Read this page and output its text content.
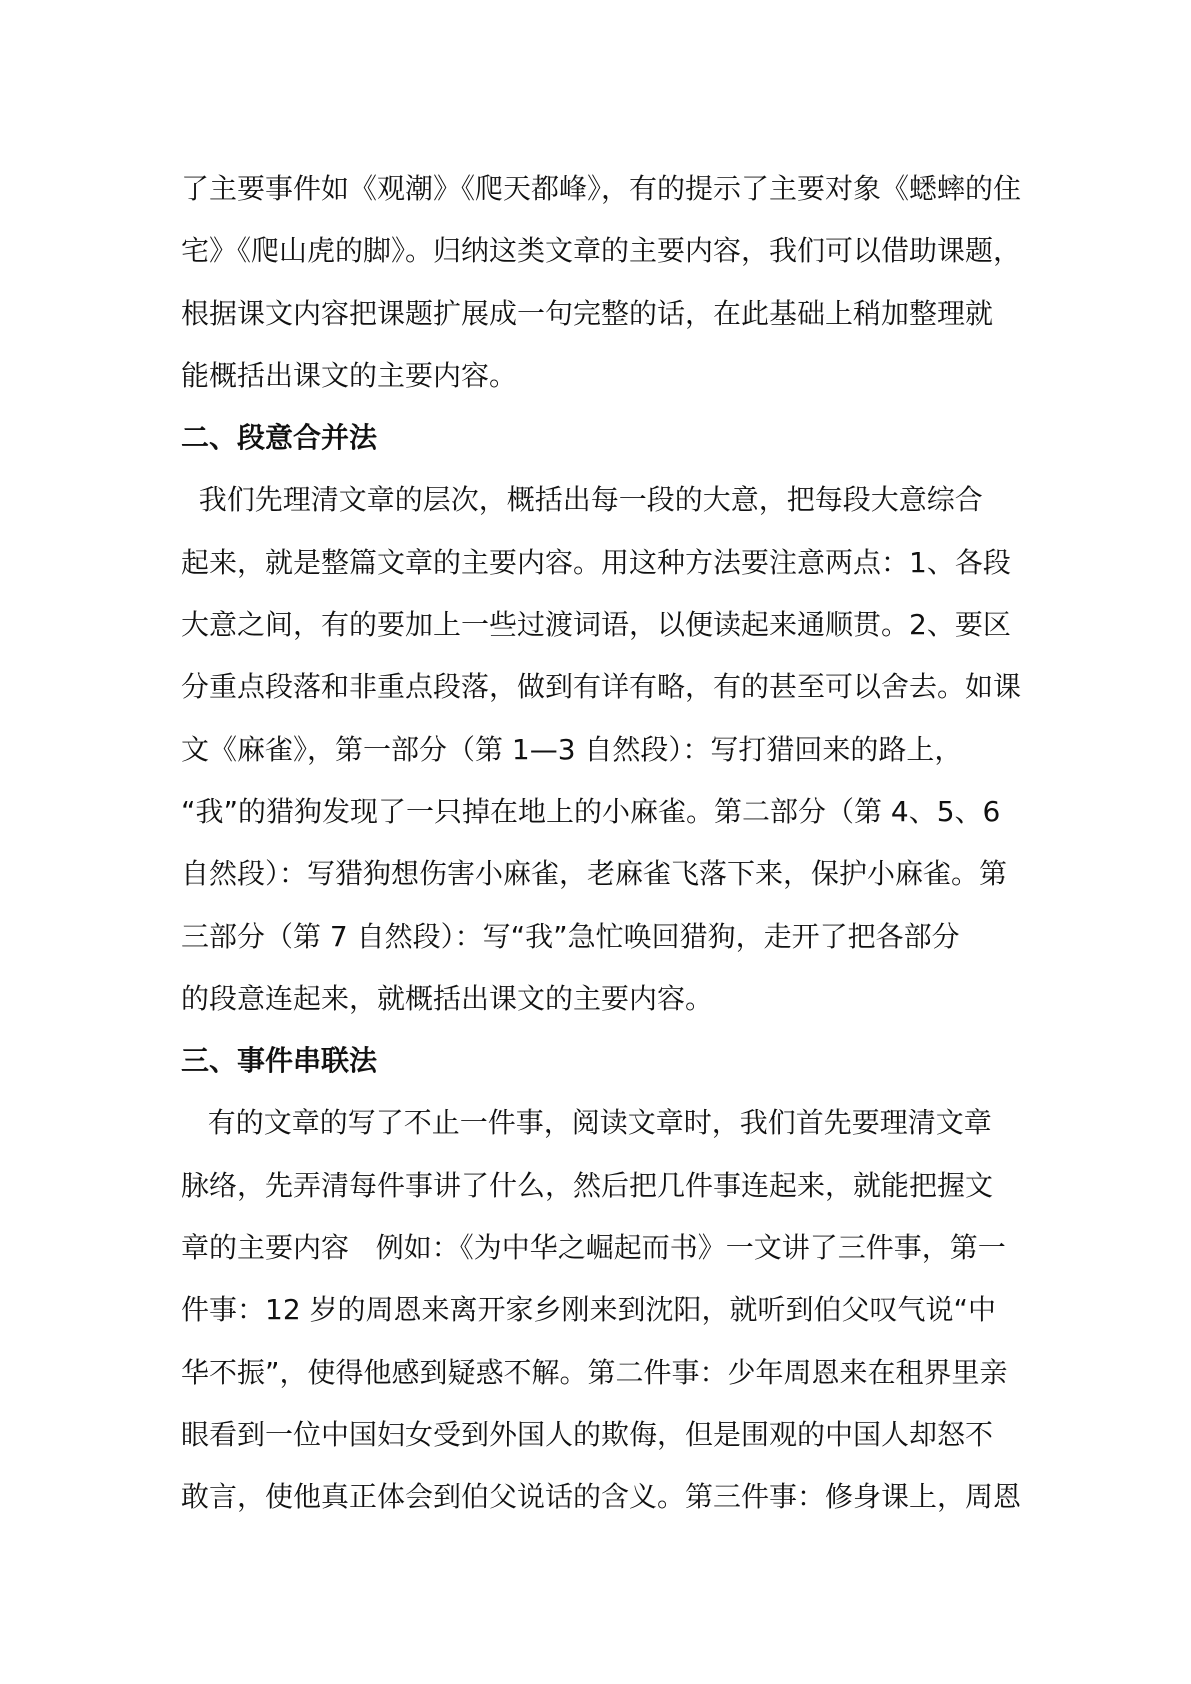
了主要事件如《观潮》《爬天都峰》，有的提示了主要对象《蟋蟀的住
宅》《爬山虎的脚》。归纳这类文章的主要内容，我们可以借助课题，
根据课文内容把课题扩展成一句完整的话，在此基础上稍加整理就
能概括出课文的主要内容。
二、段意合并法
我们先理清文章的层次，概括出每一段的大意，把每段大意综合
起来，就是整篇文章的主要内容。用这种方法要注意两点：1、各段
大意之间，有的要加上一些过渡词语，以便读起来通顺贯。2、要区
分重点段落和非重点段落，做到有详有略，有的甚至可以舍去。如课
文《麻雀》，第一部分（第 1—3 自然段）：写打猎回来的路上，
“我”的猎狗发现了一只掉在地上的小麻雀。第二部分（第 4、5、6
自然段）：写猎狗想伤害小麻雀，老麻雀飞落下来，保护小麻雀。第
三部分（第 7 自然段）：写“我”急忙唤回猎狗，走开了把各部分
的段意连起来，就概括出课文的主要内容。
三、事件串联法
有的文章的写了不止一件事，阅读文章时，我们首先要理清文章
脉络，先弄清每件事讲了什么，然后把几件事连起来，就能把握文
章的主要内容   例如：《为中华之崛起而书》一文讲了三件事，第一
件事：12 岁的周恩来离开家乡刚来到沈阳，就听到伯父叹气说“中
华不振”，使得他感到疑惑不解。第二件事：少年周恩来在租界里亲
眼看到一位中国妇女受到外国人的欺侮，但是围观的中国人却怒不
敢言，使他真正体会到伯父说话的含义。第三件事：修身课上，周恩
